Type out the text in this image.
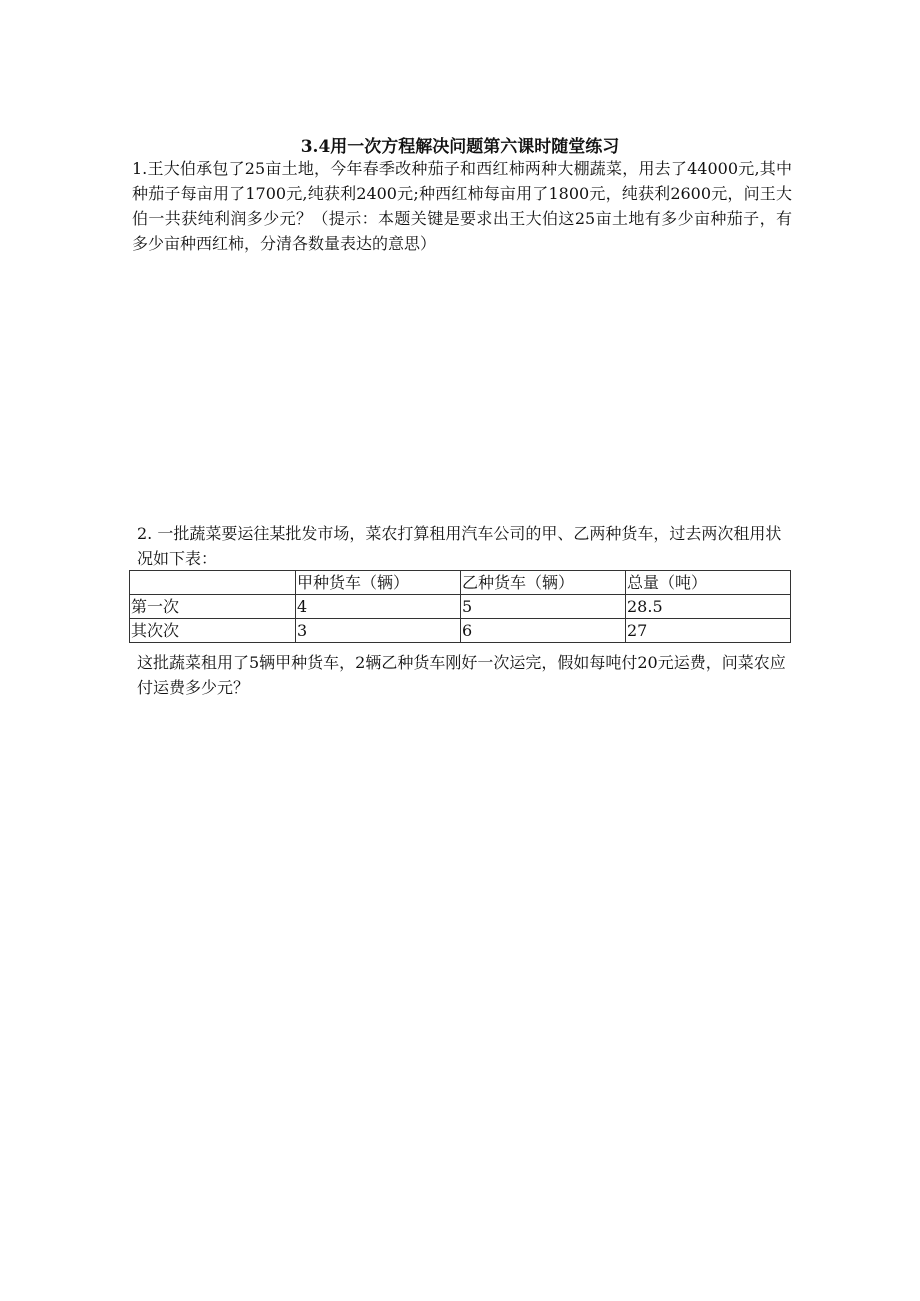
3.4用一次方程解决问题第六课时随堂练习
1.王大伯承包了25亩土地，今年春季改种茄子和西红柿两种大棚蔬菜，用去了44000元,其中种茄子每亩用了1700元,纯获利2400元;种西红柿每亩用了1800元，纯获利2600元，问王大伯一共获纯利润多少元？（提示：本题关键是要求出王大伯这25亩土地有多少亩种茄子，有多少亩种西红柿，分清各数量表达的意思）
2. 一批蔬菜要运往某批发市场，菜农打算租用汽车公司的甲、乙两种货车，过去两次租用状况如下表：
	甲种货车（辆）	乙种货车（辆）	总量（吨）
第一次	4	5	28.5
其次次	3	6	27
这批蔬菜租用了5辆甲种货车，2辆乙种货车刚好一次运完，假如每吨付20元运费，问菜农应付运费多少元？
